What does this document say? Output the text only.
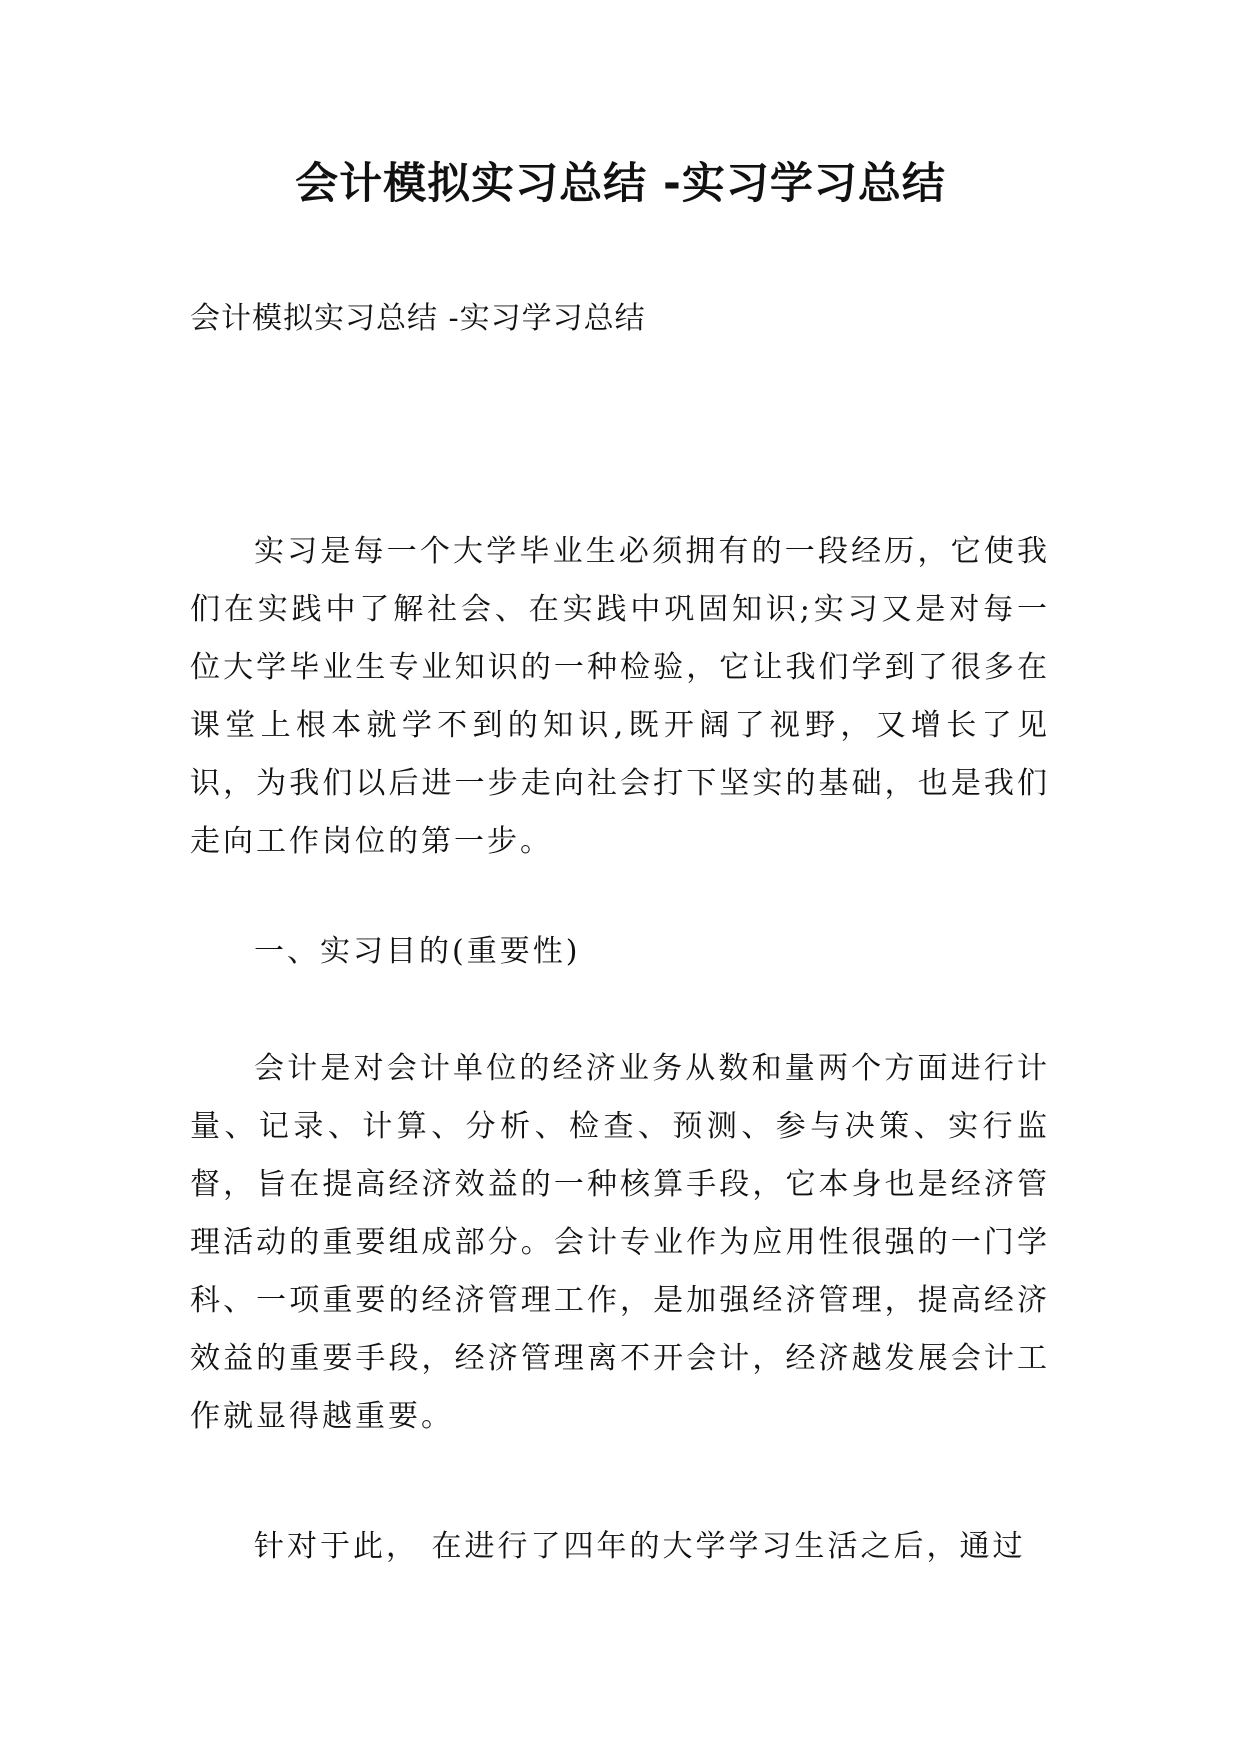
会计模拟实习总结 -实习学习总结
会计模拟实习总结 -实习学习总结

实习是每一个大学毕业生必须拥有的一段经历，它使我们在实践中了解社会、在实践中巩固知识;实习又是对每一位大学毕业生专业知识的一种检验，它让我们学到了很多在课堂上根本就学不到的知识,既开阔了视野，又增长了见识，为我们以后进一步走向社会打下坚实的基础，也是我们走向工作岗位的第一步。

一、实习目的(重要性)

会计是对会计单位的经济业务从数和量两个方面进行计量、记录、计算、分析、检查、预测、参与决策、实行监督，旨在提高经济效益的一种核算手段，它本身也是经济管理活动的重要组成部分。会计专业作为应用性很强的一门学科、一项重要的经济管理工作，是加强经济管理，提高经济效益的重要手段，经济管理离不开会计，经济越发展会计工作就显得越重要。

针对于此， 在进行了四年的大学学习生活之后，通过
